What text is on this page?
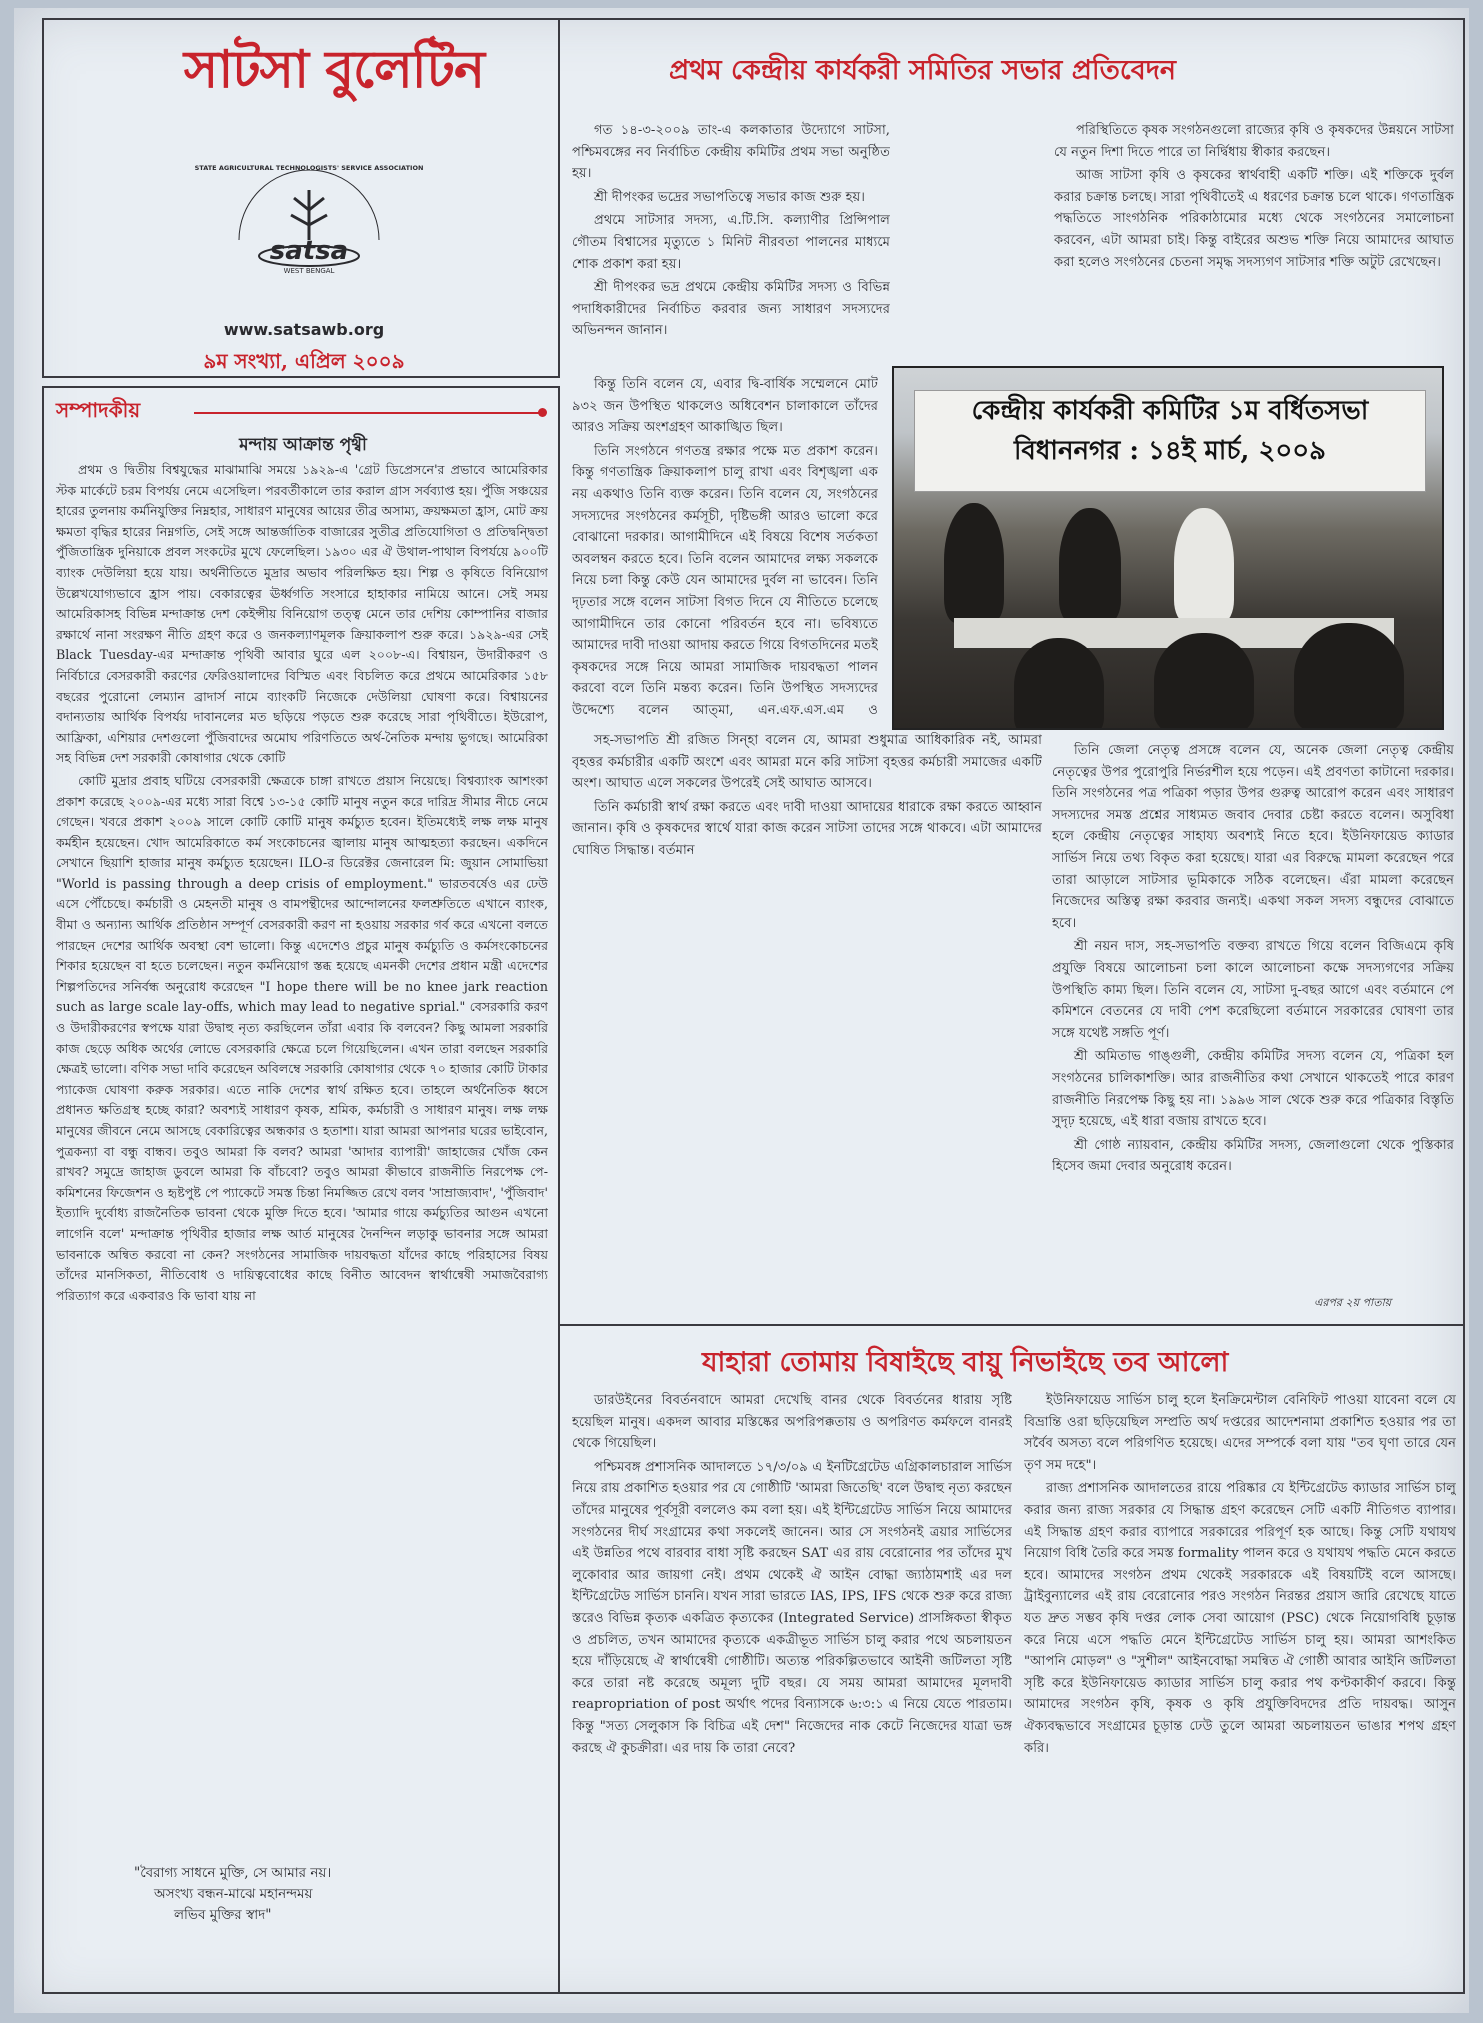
সাটসা বুলেটিন
STATE AGRICULTURAL TECHNOLOGISTS' SERVICE ASSOCIATION
satsa
WEST BENGAL
www.satsawb.org
৯ম সংখ্যা, এপ্রিল ২০০৯
সম্পাদকীয়
মন্দায় আক্রান্ত পৃথ্বী

প্রথম ও দ্বিতীয় বিশ্বযুদ্ধের মাঝামাঝি সময়ে ১৯২৯-এ 'গ্রেট ডিপ্রেসনে'র প্রভাবে আমেরিকার স্টক মার্কেটে চরম বিপর্যয় নেমে এসেছিল। পরবর্তীকালে তার করাল গ্রাস সর্বব্যাপ্ত হয়। পুঁজি সঞ্চয়ের হারের তুলনায় কর্মনিযুক্তির নিম্নহার, সাধারণ মানুষের আয়ের তীব্র অসাম্য, ক্রয়ক্ষমতা হ্রাস, মোট ক্রয় ক্ষমতা বৃদ্ধির হারের নিম্নগতি, সেই সঙ্গে আন্তর্জাতিক বাজারের সুতীব্র প্রতিযোগিতা ও প্রতিদ্বন্দ্বিতা পুঁজিতান্ত্রিক দুনিয়াকে প্রবল সংকটের মুখে ফেলেছিল। ১৯৩০ এর ঐ উথাল-পাথাল বিপর্যয়ে ৯০০টি ব্যাংক দেউলিয়া হয়ে যায়। অর্থনীতিতে মুদ্রার অভাব পরিলক্ষিত হয়। শিল্প ও কৃষিতে বিনিয়োগ উল্লেখযোগ্যভাবে হ্রাস পায়। বেকারত্বের ঊর্ধ্বগতি সংসারে হাহাকার নামিয়ে আনে। সেই সময় আমেরিকাসহ বিভিন্ন মন্দাক্রান্ত দেশ কেইন্সীয় বিনিয়োগ তত্ত্ব মেনে তার দেশিয় কোম্পানির বাজার রক্ষার্থে নানা সংরক্ষণ নীতি গ্রহণ করে ও জনকল্যাণমূলক ক্রিয়াকলাপ শুরু করে। ১৯২৯-এর সেই Black Tuesday-এর মন্দাক্রান্ত পৃথিবী আবার ঘুরে এল ২০০৮-এ। বিশ্বায়ন, উদারীকরণ ও নির্বিচারে বেসরকারী করণের ফেরিওয়ালাদের বিস্মিত এবং বিচলিত করে প্রথমে আমেরিকার ১৫৮ বছরের পুরোনো লেম্যান ব্রাদার্স নামে ব্যাংকটি নিজেকে দেউলিয়া ঘোষণা করে। বিশ্বায়নের বদান্যতায় আর্থিক বিপর্যয় দাবানলের মত ছড়িয়ে পড়তে শুরু করেছে সারা পৃথিবীতে। ইউরোপ, আফ্রিকা, এশিয়ার দেশগুলো পুঁজিবাদের অমোঘ পরিণতিতে অর্থ-নৈতিক মন্দায় ভুগছে। আমেরিকা সহ বিভিন্ন দেশ সরকারী কোষাগার থেকে কোটি

কোটি মুদ্রার প্রবাহ ঘটিয়ে বেসরকারী ক্ষেত্রকে চাঙ্গা রাখতে প্রয়াস নিয়েছে। বিশ্বব্যাংক আশংকা প্রকাশ করেছে ২০০৯-এর মধ্যে সারা বিশ্বে ১৩-১৫ কোটি মানুষ নতুন করে দারিদ্র সীমার নীচে নেমে গেছেন। খবরে প্রকাশ ২০০৯ সালে কোটি কোটি মানুষ কর্মচ্যুত হবেন। ইতিমধ্যেই লক্ষ লক্ষ মানুষ কর্মহীন হয়েছেন। খোদ আমেরিকাতে কর্ম সংকোচনের জ্বালায় মানুষ আত্মহত্যা করছেন। একদিনে সেখানে ছিয়াশি হাজার মানুষ কর্মচ্যুত হয়েছেন। ILO-র ডিরেক্টর জেনারেল মি: জুয়ান সোমাভিয়া "World is passing through a deep crisis of employment." ভারতবর্ষেও এর ঢেউ এসে পৌঁচেছে। কর্মচারী ও মেহনতী মানুষ ও বামপন্থীদের আন্দোলনের ফলশ্রুতিতে এখানে ব্যাংক, বীমা ও অন্যান্য আর্থিক প্রতিষ্ঠান সম্পূর্ণ বেসরকারী করণ না হওয়ায় সরকার গর্ব করে এখনো বলতে পারছেন দেশের আর্থিক অবস্থা বেশ ভালো। কিন্তু এদেশেও প্রচুর মানুষ কর্মচ্যুতি ও কর্মসংকোচনের শিকার হয়েছেন বা হতে চলেছেন। নতুন কর্মনিয়োগ স্তব্ধ হয়েছে এমনকী দেশের প্রধান মন্ত্রী এদেশের শিল্পপতিদের সনির্বন্ধ অনুরোধ করেছেন "I hope there will be no knee jark reaction such as large scale lay-offs, which may lead to negative sprial." বেসরকারি করণ ও উদারীকরণের স্বপক্ষে যারা উদ্বাহু নৃত্য করছিলেন তাঁরা এবার কি বলবেন? কিছু আমলা সরকারি কাজ ছেড়ে অধিক অর্থের লোভে বেসরকারি ক্ষেত্রে চলে গিয়েছিলেন। এখন তারা বলছেন সরকারি ক্ষেত্রই ভালো। বণিক সভা দাবি করেছেন অবিলম্বে সরকারি কোষাগার থেকে ৭০ হাজার কোটি টাকার প্যাকেজ ঘোষণা করুক সরকার। এতে নাকি দেশের স্বার্থ রক্ষিত হবে। তাহলে অর্থনৈতিক ধ্বসে প্রধানত ক্ষতিগ্রস্থ হচ্ছে কারা? অবশ্যই সাধারণ কৃষক, শ্রমিক, কর্মচারী ও সাধারণ মানুষ। লক্ষ লক্ষ মানুষের জীবনে নেমে আসছে বেকারিত্বের অন্ধকার ও হতাশা। যারা আমরা আপনার ঘরের ভাইবোন, পুত্রকন্যা বা বন্ধু বান্ধব। তবুও আমরা কি বলব? আমরা 'আদার ব্যাপারী' জাহাজের খোঁজ কেন রাখব? সমুদ্রে জাহাজ ডুবলে আমরা কি বাঁচবো? তবুও আমরা কীভাবে রাজনীতি নিরপেক্ষ পে-কমিশনের ফিজেশন ও হৃষ্টপুষ্ট পে প্যাকেটে সমস্ত চিন্তা নিমজ্জিত রেখে বলব 'সাম্রাজ্যবাদ', 'পুঁজিবাদ' ইত্যাদি দুর্বোধ্য রাজনৈতিক ভাবনা থেকে মুক্তি দিতে হবে। 'আমার গায়ে কর্মচ্যুতির আগুন এখনো লাগেনি বলে' মন্দাক্রান্ত পৃথিবীর হাজার লক্ষ আর্ত মানুষের দৈনন্দিন লড়াকু ভাবনার সঙ্গে আমরা ভাবনাকে অন্বিত করবো না কেন? সংগঠনের সামাজিক দায়বদ্ধতা যাঁদের কাছে পরিহাসের বিষয় তাঁদের মানসিকতা, নীতিবোধ ও দায়িত্ববোধের কাছে বিনীত আবেদন স্বার্থান্বেষী সমাজবৈরাগ্য পরিত্যাগ করে একবারও কি ভাবা যায় না

"বৈরাগ্য সাধনে মুক্তি, সে আমার নয়।
অসংখ্য বন্ধন-মাঝে মহানন্দময়
লভিব মুক্তির স্বাদ"
প্রথম কেন্দ্রীয় কার্যকরী সমিতির সভার প্রতিবেদন

গত ১৪-৩-২০০৯ তাং-এ কলকাতার উদ্যোগে সাটসা, পশ্চিমবঙ্গের নব নির্বাচিত কেন্দ্রীয় কমিটির প্রথম সভা অনুষ্ঠিত হয়।

শ্রী দীপংকর ভদ্রের সভাপতিত্বে সভার কাজ শুরু হয়।

প্রথমে সাটসার সদস্য, এ.টি.সি. কল্যাণীর প্রিন্সিপাল গৌতম বিশ্বাসের মৃত্যুতে ১ মিনিট নীরবতা পালনের মাধ্যমে শোক প্রকাশ করা হয়।

শ্রী দীপংকর ভদ্র প্রথমে কেন্দ্রীয় কমিটির সদস্য ও বিভিন্ন পদাধিকারীদের নির্বাচিত করবার জন্য সাধারণ সদস্যদের অভিনন্দন জানান।

কিন্তু তিনি বলেন যে, এবার দ্বি-বার্ষিক সম্মেলনে মোট ৯৩২ জন উপস্থিত থাকলেও অধিবেশন চালাকালে তাঁদের আরও সক্রিয় অংশগ্রহণ আকাঙ্খিত ছিল।

তিনি সংগঠনে গণতন্ত্র রক্ষার পক্ষে মত প্রকাশ করেন। কিন্তু গণতান্ত্রিক ক্রিয়াকলাপ চালু রাখা এবং বিশৃঙ্খলা এক নয় একথাও তিনি ব্যক্ত করেন। তিনি বলেন যে, সংগঠনের সদস্যদের সংগঠনের কর্মসূচী, দৃষ্টিভঙ্গী আরও ভালো করে বোঝানো দরকার। আগামীদিনে এই বিষয়ে বিশেষ সর্তকতা অবলম্বন করতে হবে। তিনি বলেন আমাদের লক্ষ্য সকলকে নিয়ে চলা কিন্তু কেউ যেন আমাদের দুর্বল না ভাবেন। তিনি দৃঢ়তার সঙ্গে বলেন সাটসা বিগত দিনে যে নীতিতে চলেছে আগামীদিনে তার কোনো পরিবর্তন হবে না। ভবিষ্যতে আমাদের দাবী দাওয়া আদায় করতে গিয়ে বিগতদিনের মতই কৃষকদের সঙ্গে নিয়ে আমরা সামাজিক দায়বদ্ধতা পালন করবো বলে তিনি মন্তব্য করেন। তিনি উপস্থিত সদস্যদের উদ্দেশ্যে বলেন আত্‌মা, এন.এফ.এস.এম ও

সহ-সভাপতি শ্রী রজিত সিন্‌হা বলেন যে, আমরা শুধুমাত্র আধিকারিক নই, আমরা বৃহত্তর কর্মচারীর একটি অংশে এবং আমরা মনে করি সাটসা বৃহত্তর কর্মচারী সমাজের একটি অংশ। আঘাত এলে সকলের উপরেই সেই আঘাত আসবে।

তিনি কর্মচারী স্বার্থ রক্ষা করতে এবং দাবী দাওয়া আদায়ের ধারাকে রক্ষা করতে আহ্বান জানান। কৃষি ও কৃষকদের স্বার্থে যারা কাজ করেন সাটসা তাদের সঙ্গে থাকবে। এটা আমাদের ঘোষিত সিদ্ধান্ত। বর্তমান

পরিস্থিতিতে কৃষক সংগঠনগুলো রাজ্যের কৃষি ও কৃষকদের উন্নয়নে সাটসা যে নতুন দিশা দিতে পারে তা নির্দ্বিধায় স্বীকার করছেন।

আজ সাটসা কৃষি ও কৃষকের স্বার্থবাহী একটি শক্তি। এই শক্তিকে দুর্বল করার চক্রান্ত চলছে। সারা পৃথিবীতেই এ ধরণের চক্রান্ত চলে থাকে। গণতান্ত্রিক পদ্ধতিতে সাংগঠনিক পরিকাঠামোর মধ্যে থেকে সংগঠনের সমালোচনা করবেন, এটা আমরা চাই। কিন্তু বাইরের অশুভ শক্তি নিয়ে আমাদের আঘাত করা হলেও সংগঠনের চেতনা সমৃদ্ধ সদস্যগণ সাটসার শক্তি অটুট রেখেছেন।

কেন্দ্রীয় কার্যকরী কমিটির ১ম বর্ধিতসভা
বিধাননগর : ১৪ই মার্চ, ২০০৯

তিনি জেলা নেতৃত্ব প্রসঙ্গে বলেন যে, অনেক জেলা নেতৃত্ব কেন্দ্রীয় নেতৃত্বের উপর পুরোপুরি নির্ভরশীল হয়ে পড়েন। এই প্রবণতা কাটানো দরকার। তিনি সংগঠনের পত্র পত্রিকা পড়ার উপর গুরুত্ব আরোপ করেন এবং সাধারণ সদস্যদের সমস্ত প্রশ্নের সাধ্যমত জবাব দেবার চেষ্টা করতে বলেন। অসুবিধা হলে কেন্দ্রীয় নেতৃত্বের সাহায্য অবশ্যই নিতে হবে। ইউনিফায়েড ক্যাডার সার্ভিস নিয়ে তথ্য বিকৃত করা হয়েছে। যারা এর বিরুদ্ধে মামলা করেছেন পরে তারা আড়ালে সাটসার ভূমিকাকে সঠিক বলেছেন। এঁরা মামলা করেছেন নিজেদের অস্তিত্ব রক্ষা করবার জন্যই। একথা সকল সদস্য বন্ধুদের বোঝাতে হবে।

শ্রী নয়ন দাস, সহ-সভাপতি বক্তব্য রাখতে গিয়ে বলেন বিজিএমে কৃষি প্রযুক্তি বিষয়ে আলোচনা চলা কালে আলোচনা কক্ষে সদস্যগণের সক্রিয় উপস্থিতি কাম্য ছিল। তিনি বলেন যে, সাটসা দু-বছর আগে এবং বর্তমানে পে কমিশনে বেতনের যে দাবী পেশ করেছিলো বর্তমানে সরকারের ঘোষণা তার সঙ্গে যথেষ্ট সঙ্গতি পূর্ণ।

শ্রী অমিতাভ গাঙ্গুলী, কেন্দ্রীয় কমিটির সদস্য বলেন যে, পত্রিকা হল সংগঠনের চালিকাশক্তি। আর রাজনীতির কথা সেখানে থাকতেই পারে কারণ রাজনীতি নিরপেক্ষ কিছু হয় না। ১৯৯৬ সাল থেকে শুরু করে পত্রিকার বিস্তৃতি সুদৃঢ় হয়েছে, এই ধারা বজায় রাখতে হবে।

শ্রী গোষ্ঠ ন্যায়বান, কেন্দ্রীয় কমিটির সদস্য, জেলাগুলো থেকে পুস্তিকার হিসেব জমা দেবার অনুরোধ করেন।

এরপর ২য় পাতায়
যাহারা তোমায় বিষাইছে বায়ু নিভাইছে তব আলো

ডারউইনের বিবর্তনবাদে আমরা দেখেছি বানর থেকে বিবর্তনের ধারায় সৃষ্টি হয়েছিল মানুষ। একদল আবার মস্তিষ্কের অপরিপক্কতায় ও অপরিণত কর্মফলে বানরই থেকে গিয়েছিল।

পশ্চিমবঙ্গ প্রশাসনিক আদালতে ১৭/৩/০৯ এ ইনটিগ্রেটেড এগ্রিকালচারাল সার্ভিস নিয়ে রায় প্রকাশিত হওয়ার পর যে গোষ্ঠীটি 'আমরা জিতেছি' বলে উদ্বাহু নৃত্য করছেন তাঁদের মানুষের পূর্বসূরী বললেও কম বলা হয়। এই ইন্টিগ্রেটেড সার্ভিস নিয়ে আমাদের সংগঠনের দীর্ঘ সংগ্রামের কথা সকলেই জানেন। আর সে সংগঠনই ত্রয়ার সার্ভিসের এই উন্নতির পথে বারবার বাধা সৃষ্টি করছেন SAT এর রায় বেরোনোর পর তাঁদের মুখ লুকোবার আর জায়গা নেই। প্রথম থেকেই ঐ আইন বোদ্ধা জ্যাঠামশাই এর দল ইন্টিগ্রেটেড সার্ভিস চাননি। যখন সারা ভারতে IAS, IPS, IFS থেকে শুরু করে রাজ্য স্তরেও বিভিন্ন কৃত্যক একত্রিত কৃত্যকের (Integrated Service) প্রাসঙ্গিকতা স্বীকৃত ও প্রচলিত, তখন আমাদের কৃত্যকে একত্রীভূত সার্ভিস চালু করার পথে অচলায়তন হয়ে দাঁড়িয়েছে ঐ স্বার্থান্বেষী গোষ্ঠীটি। অত্যন্ত পরিকল্পিতভাবে আইনী জটিলতা সৃষ্টি করে তারা নষ্ট করেছে অমূল্য দুটি বছর। যে সময় আমরা আমাদের মূলদাবী reapropriation of post অর্থাৎ পদের বিন্যাসকে ৬:৩:১ এ নিয়ে যেতে পারতাম। কিন্তু "সত্য সেলুকাস কি বিচিত্র এই দেশ" নিজেদের নাক কেটে নিজেদের যাত্রা ভঙ্গ করছে ঐ কুচক্রীরা। এর দায় কি তারা নেবে?

ইউনিফায়েড সার্ভিস চালু হলে ইনক্রিমেন্টাল বেনিফিট পাওয়া যাবেনা বলে যে বিভ্রান্তি ওরা ছড়িয়েছিল সম্প্রতি অর্থ দপ্তরের আদেশনামা প্রকাশিত হওয়ার পর তা সর্বৈব অসত্য বলে পরিগণিত হয়েছে। এদের সম্পর্কে বলা যায় "তব ঘৃণা তারে যেন তৃণ সম দহে"।

রাজ্য প্রশাসনিক আদালতের রায়ে পরিষ্কার যে ইন্টিগ্রেটেড ক্যাডার সার্ভিস চালু করার জন্য রাজ্য সরকার যে সিদ্ধান্ত গ্রহণ করেছেন সেটি একটি নীতিগত ব্যাপার। এই সিদ্ধান্ত গ্রহণ করার ব্যাপারে সরকারের পরিপূর্ণ হক আছে। কিন্তু সেটি যথাযথ নিয়োগ বিধি তৈরি করে সমস্ত formality পালন করে ও যথাযথ পদ্ধতি মেনে করতে হবে। আমাদের সংগঠন প্রথম থেকেই সরকারকে এই বিষয়টিই বলে আসছে। ট্রাইবুন্যালের এই রায় বেরোনোর পরও সংগঠন নিরন্তর প্রয়াস জারি রেখেছে যাতে যত দ্রুত সম্ভব কৃষি দপ্তর লোক সেবা আয়োগ (PSC) থেকে নিয়োগবিধি চূড়ান্ত করে নিয়ে এসে পদ্ধতি মেনে ইন্টিগ্রেটেড সার্ভিস চালু হয়। আমরা আশংকিত "আপনি মোড়ল" ও "সুশীল" আইনবোদ্ধা সমন্বিত ঐ গোষ্ঠী আবার আইনি জটিলতা সৃষ্টি করে ইউনিফায়েড ক্যাডার সার্ভিস চালু করার পথ কণ্টকাকীর্ণ করবে। কিন্তু আমাদের সংগঠন কৃষি, কৃষক ও কৃষি প্রযুক্তিবিদদের প্রতি দায়বদ্ধ। আসুন ঐক্যবদ্ধভাবে সংগ্রামের চূড়ান্ত ঢেউ তুলে আমরা অচলায়তন ভাঙার শপথ গ্রহণ করি।
